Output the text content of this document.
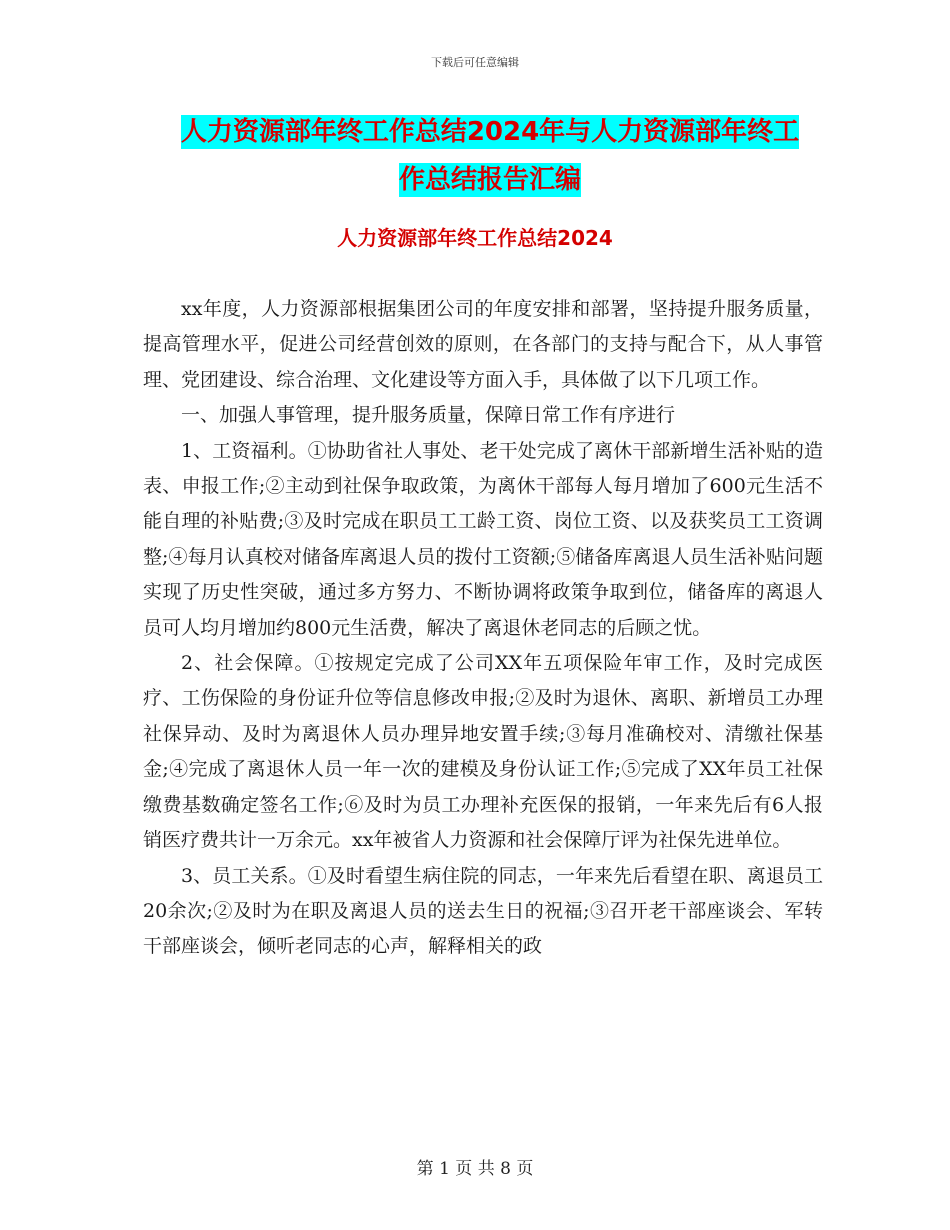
下载后可任意编辑
人力资源部年终工作总结2024年与人力资源部年终工
作总结报告汇编
人力资源部年终工作总结2024

xx年度，人力资源部根据集团公司的年度安排和部署，坚持提升服务质量，提高管理水平，促进公司经营创效的原则，在各部门的支持与配合下，从人事管理、党团建设、综合治理、文化建设等方面入手，具体做了以下几项工作。

一、加强人事管理，提升服务质量，保障日常工作有序进行

1、工资福利。①协助省社人事处、老干处完成了离休干部新增生活补贴的造表、申报工作;②主动到社保争取政策，为离休干部每人每月增加了600元生活不能自理的补贴费;③及时完成在职员工工龄工资、岗位工资、以及获奖员工工资调整;④每月认真校对储备库离退人员的拨付工资额;⑤储备库离退人员生活补贴问题实现了历史性突破，通过多方努力、不断协调将政策争取到位，储备库的离退人员可人均月增加约800元生活费，解决了离退休老同志的后顾之忧。

2、社会保障。①按规定完成了公司XX年五项保险年审工作，及时完成医疗、工伤保险的身份证升位等信息修改申报;②及时为退休、离职、新增员工办理社保异动、及时为离退休人员办理异地安置手续;③每月准确校对、清缴社保基金;④完成了离退休人员一年一次的建模及身份认证工作;⑤完成了XX年员工社保缴费基数确定签名工作;⑥及时为员工办理补充医保的报销，一年来先后有6人报销医疗费共计一万余元。xx年被省人力资源和社会保障厅评为社保先进单位。

3、员工关系。①及时看望生病住院的同志，一年来先后看望在职、离退员工20余次;②及时为在职及离退人员的送去生日的祝福;③召开老干部座谈会、军转干部座谈会，倾听老同志的心声，解释相关的政

第 1 页 共 8 页
